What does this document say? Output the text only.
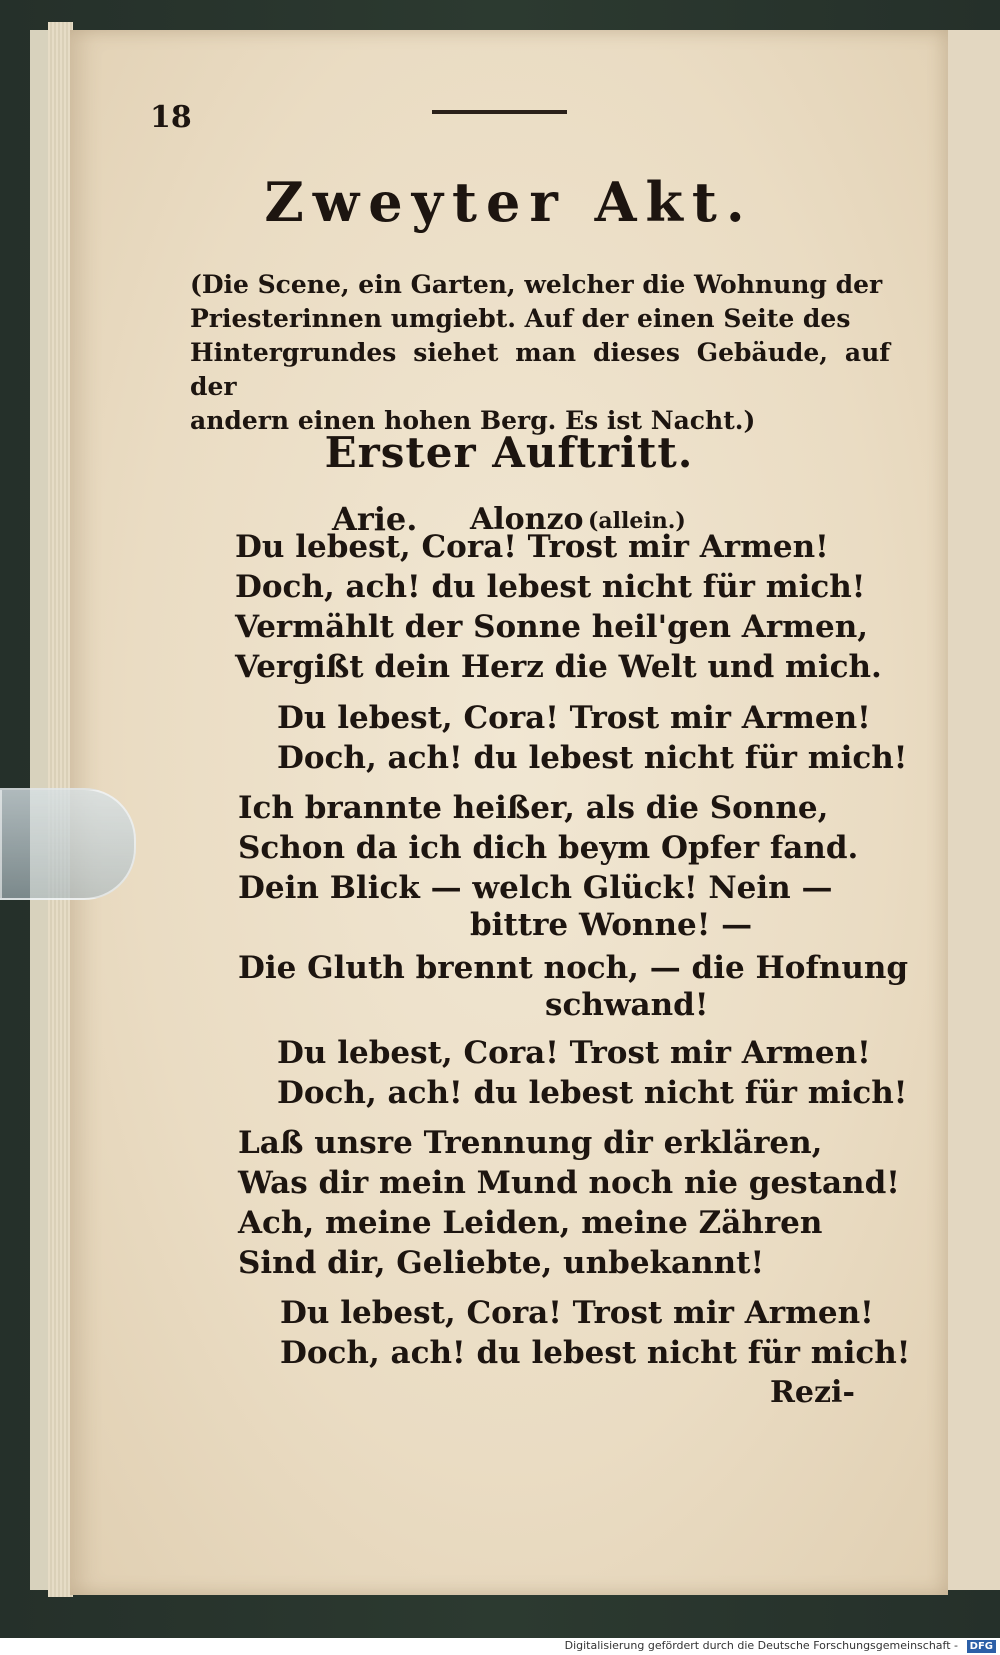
18
Zweyter Akt.
(Die Scene, ein Garten, welcher die Wohnung der
Priesterinnen umgiebt. Auf der einen Seite des
Hintergrundes siehet man dieses Gebäude, auf der
andern einen hohen Berg. Es ist Nacht.)
Erster Auftritt.
Arie. Alonzo (allein.)
Du lebest, Cora! Trost mir Armen!
Doch, ach! du lebest nicht für mich!
Vermählt der Sonne heil'gen Armen,
Vergißt dein Herz die Welt und mich.
Du lebest, Cora! Trost mir Armen!
Doch, ach! du lebest nicht für mich!
Ich brannte heißer, als die Sonne,
Schon da ich dich beym Opfer fand.
Dein Blick — welch Glück! Nein —
bittre Wonne! —
Die Gluth brennt noch, — die Hofnung
schwand!
Du lebest, Cora! Trost mir Armen!
Doch, ach! du lebest nicht für mich!
Laß unsre Trennung dir erklären,
Was dir mein Mund noch nie gestand!
Ach, meine Leiden, meine Zähren
Sind dir, Geliebte, unbekannt!
Du lebest, Cora! Trost mir Armen!
Doch, ach! du lebest nicht für mich!
Rezi-
Digitalisierung gefördert durch die Deutsche Forschungsgemeinschaft -	DFG
